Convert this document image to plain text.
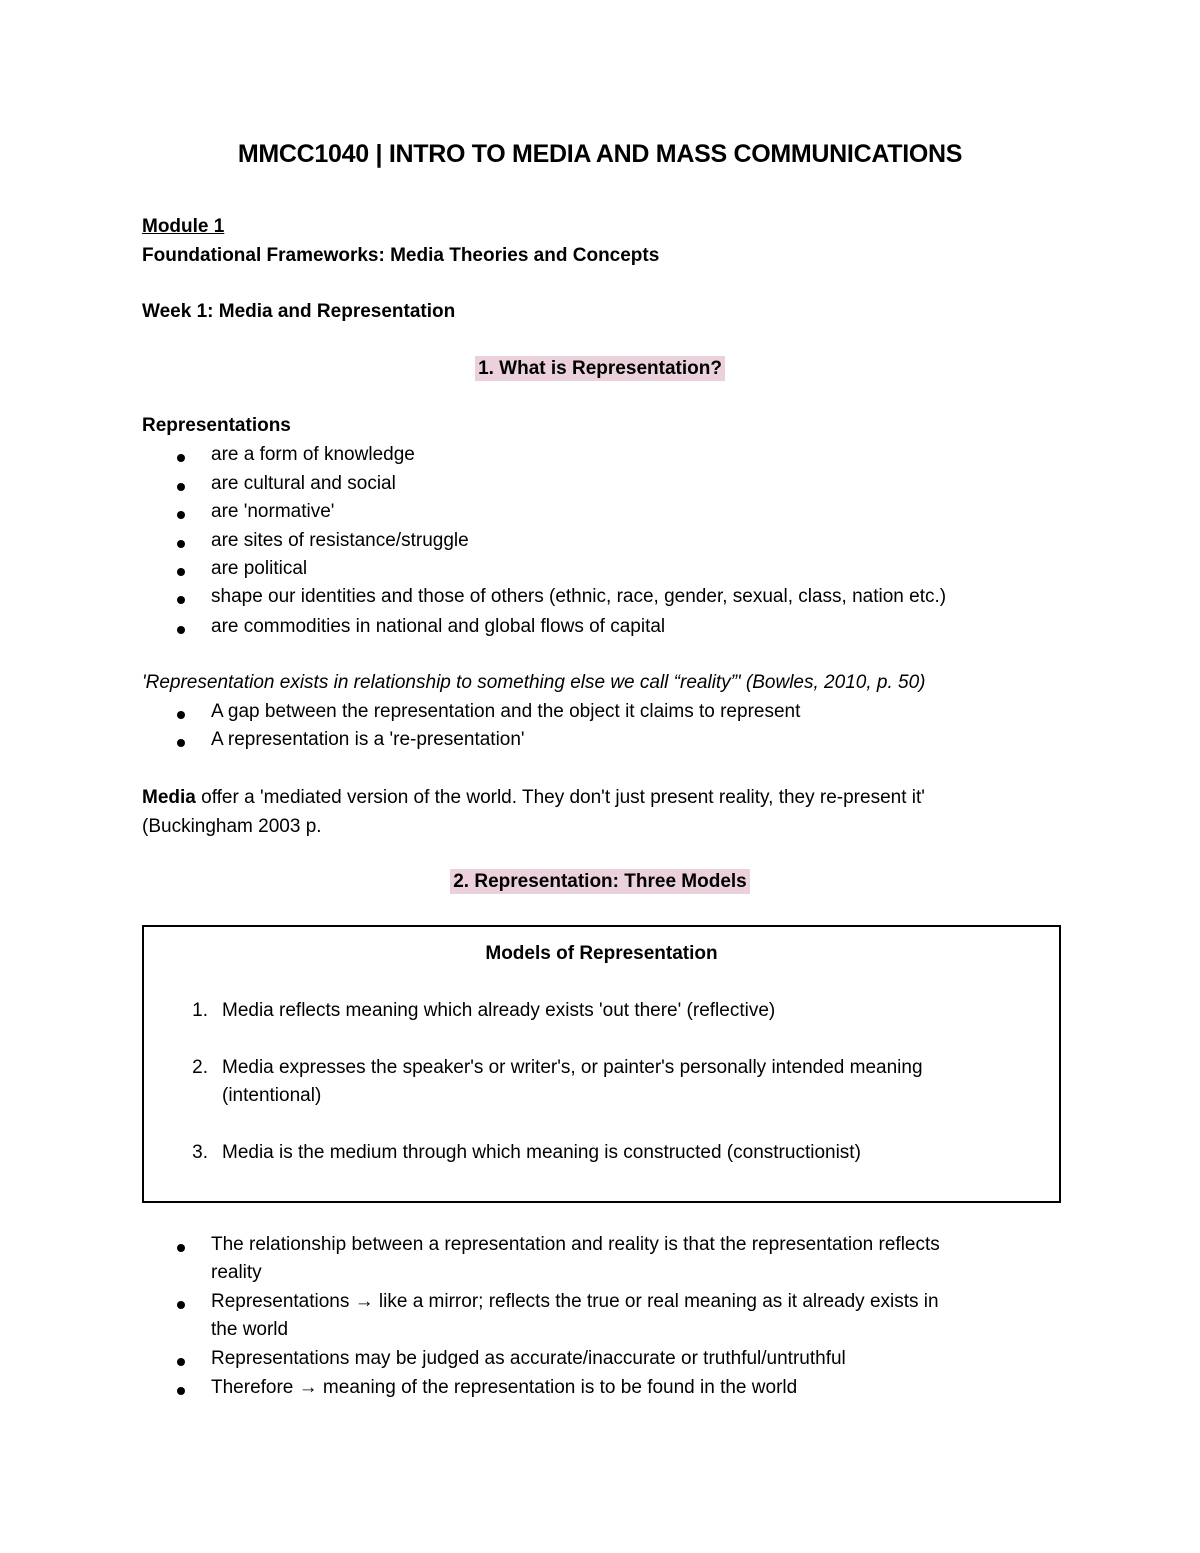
MMCC1040 | INTRO TO MEDIA AND MASS COMMUNICATIONS
Module 1
Foundational Frameworks: Media Theories and Concepts
Week 1: Media and Representation
1. What is Representation?
Representations
are a form of knowledge
are cultural and social
are 'normative'
are sites of resistance/struggle
are political
shape our identities and those of others (ethnic, race, gender, sexual, class, nation etc.)
are commodities in national and global flows of capital
'Representation exists in relationship to something else we call “reality”' (Bowles, 2010, p. 50)
A gap between the representation and the object it claims to represent
A representation is a 're-presentation'
Media offer a 'mediated version of the world. They don't just present reality, they re-present it'
(Buckingham 2003 p.
2. Representation: Three Models
Models of Representation
1. Media reflects meaning which already exists 'out there' (reflective)
2. Media expresses the speaker's or writer's, or painter's personally intended meaning
(intentional)
3. Media is the medium through which meaning is constructed (constructionist)
The relationship between a representation and reality is that the representation reflects
reality
Representations → like a mirror; reflects the true or real meaning as it already exists in
the world
Representations may be judged as accurate/inaccurate or truthful/untruthful
Therefore → meaning of the representation is to be found in the world
